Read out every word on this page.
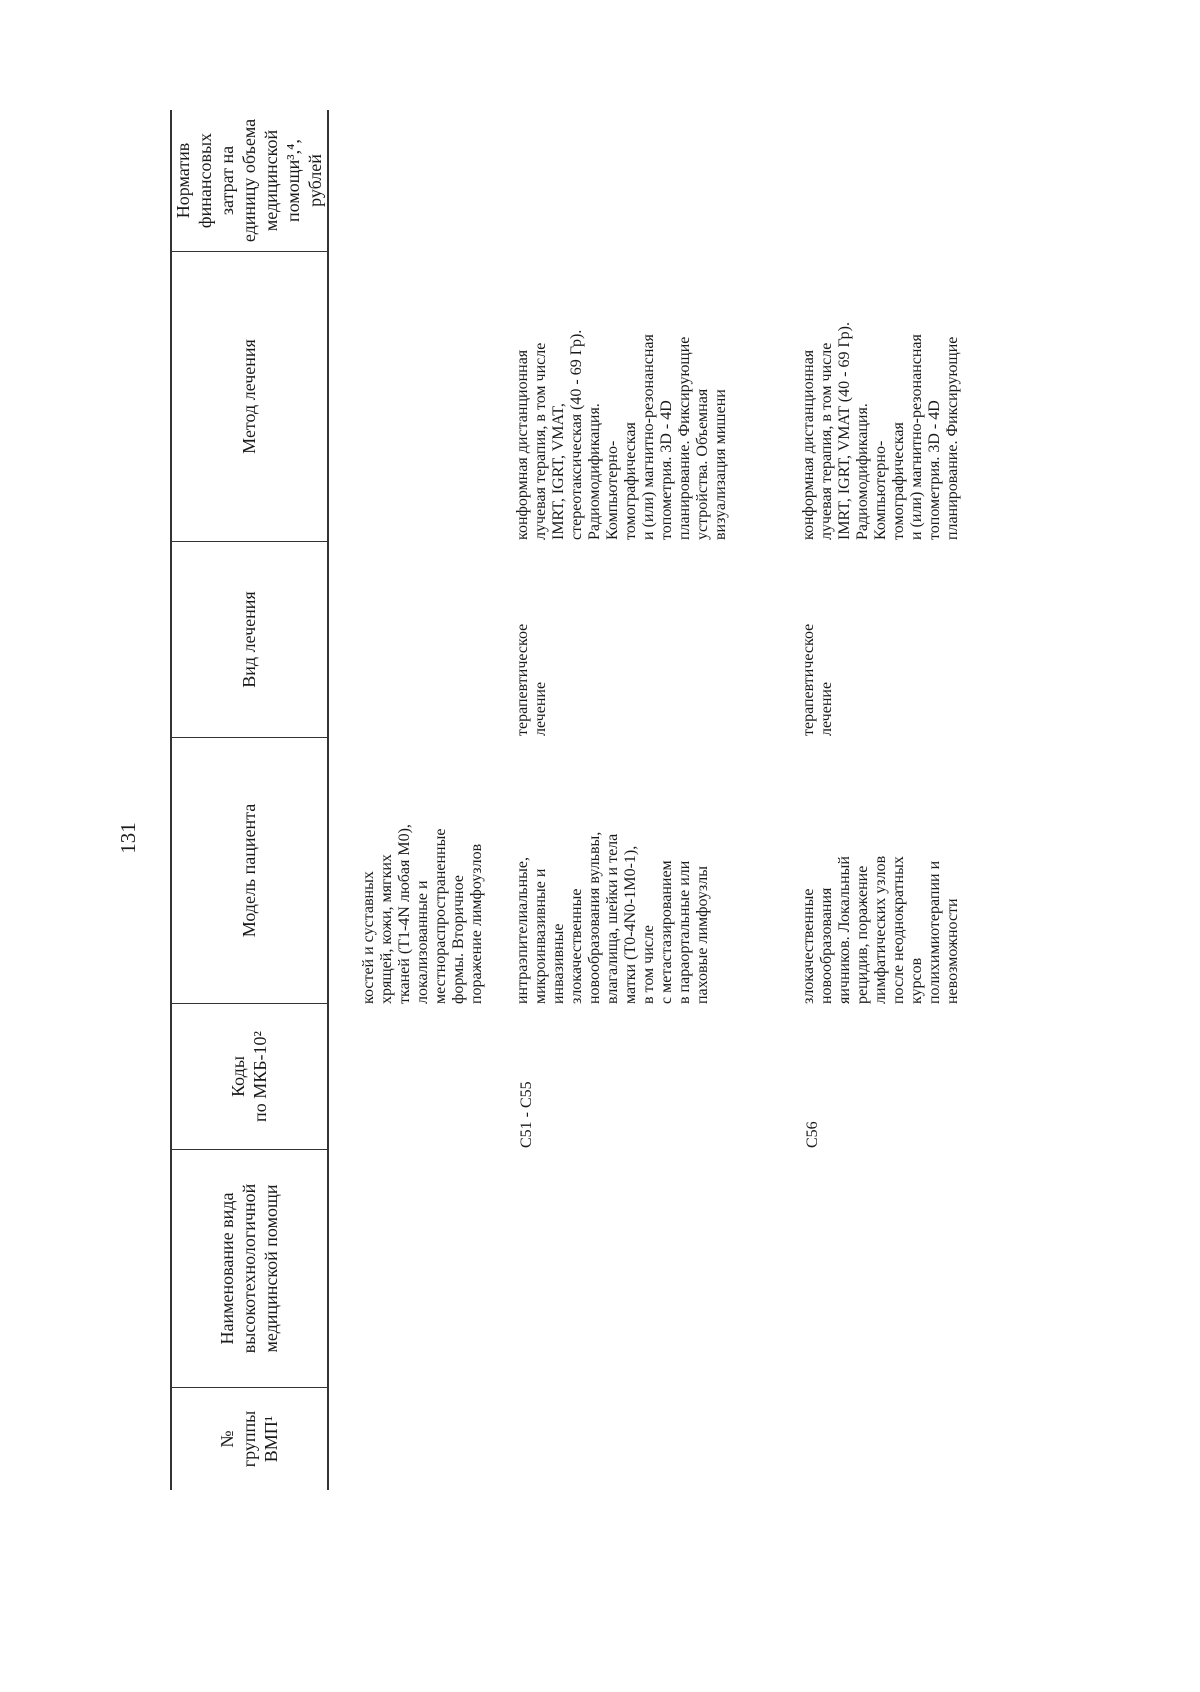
131
№ группы ВМП¹
Наименование вида высокотехнологичной медицинской помощи
Коды по МКБ-10²
Модель пациента
Вид лечения
Метод лечения
Норматив финансовых затрат на единицу объема медицинской помощи³,⁴, рублей
костей и суставных хрящей, кожи, мягких тканей (T1-4N любая M0), локализованные и местнораспространенные формы. Вторичное поражение лимфоузлов
C51 - C55
интраэпителиальные, микроинвазивные и инвазивные злокачественные новообразования вульвы, влагалища, шейки и тела матки (T0-4N0-1M0-1), в том числе с метастазированием в параортальные или паховые лимфоузлы
терапевтическое лечение
конформная дистанционная лучевая терапия, в том числе IMRT, IGRT, VMAT, стереотаксическая (40 - 69 Гр). Радиомодификация. Компьютерно- томографическая и (или) магнитно-резонансная топометрия. 3D - 4D планирование. Фиксирующие устройства. Объемная визуализация мишени
C56
злокачественные новообразования яичников. Локальный рецидив, поражение лимфатических узлов после неоднократных курсов полихимиотерапии и невозможности
терапевтическое лечение
конформная дистанционная лучевая терапия, в том числе IMRT, IGRT, VMAT (40 - 69 Гр). Радиомодификация. Компьютерно- томографическая и (или) магнитно-резонансная топометрия. 3D - 4D планирование. Фиксирующие
